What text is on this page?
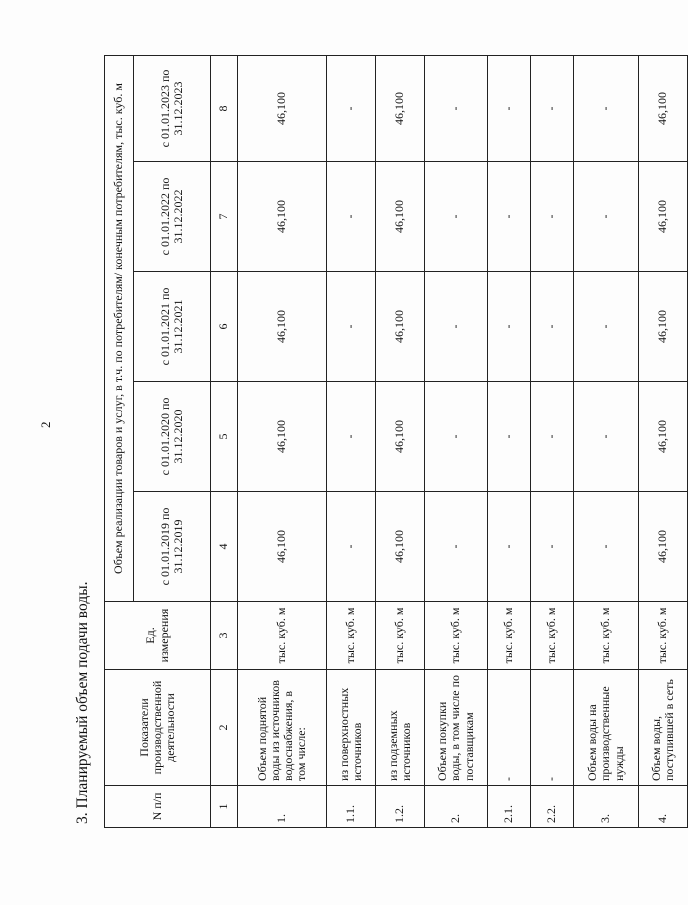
2
3. Планируемый объем подачи воды.	N п/п	Показатели производственной деятельности	Ед. измерения	Объем реализации товаров и услуг, в т.ч. по потребителям/ конечным потребителям, тыс. куб. м				
			с 01.01.2019 по 31.12.2019	с 01.01.2020 по 31.12.2020	с 01.01.2021 по 31.12.2021	с 01.01.2022 по 31.12.2022	с 01.01.2023 по 31.12.2023
1	2	3	4	5	6	7	8
1.	Объем поднятой воды из источников водоснабжения, в том числе:	тыс. куб. м	46,100	46,100	46,100	46,100	46,100
1.1.	из поверхностных источников	тыс. куб. м	-	-	-	-	-
1.2.	из подземных источников	тыс. куб. м	46,100	46,100	46,100	46,100	46,100
2.	Объем покупки воды, в том числе по поставщикам	тыс. куб. м	-	-	-	-	-
2.1.	-	тыс. куб. м	-	-	-	-	-
2.2.	-	тыс. куб. м	-	-	-	-	-
3.	Объем воды на производственные нужды	тыс. куб. м	-	-	-	-	-
4.	Объем воды, поступившей в сеть	тыс. куб. м	46,100	46,100	46,100	46,100	46,100
